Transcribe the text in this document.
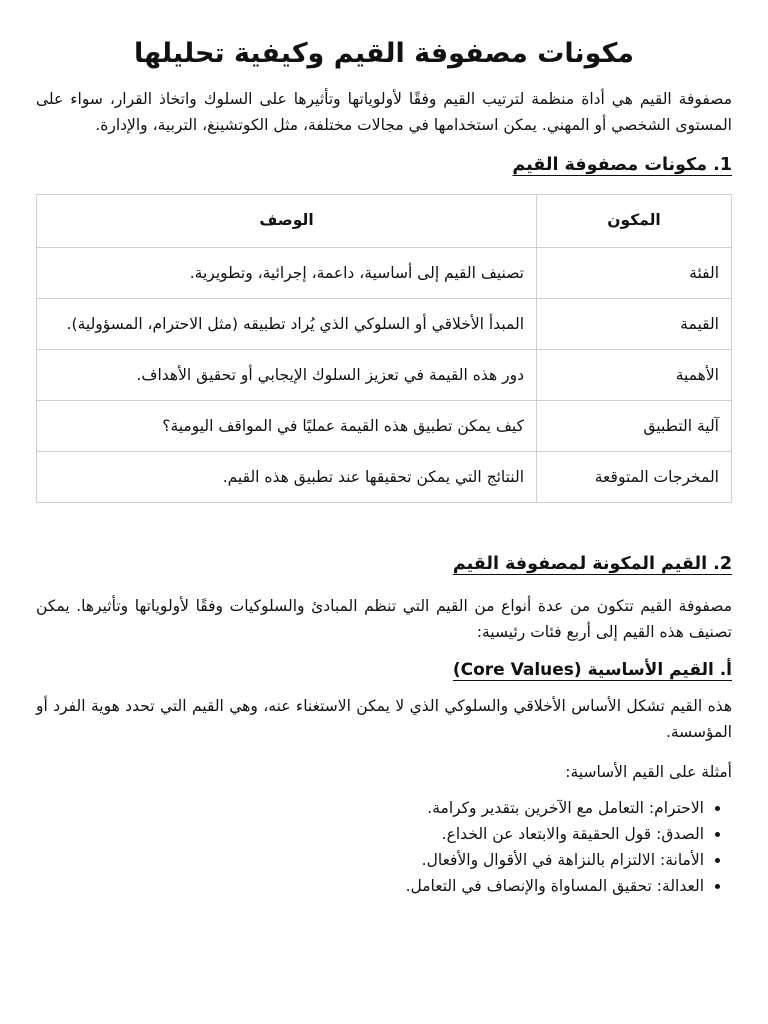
مكونات مصفوفة القيم وكيفية تحليلها

مصفوفة القيم هي أداة منظمة لترتيب القيم وفقًا لأولوياتها وتأثيرها على السلوك واتخاذ القرار، سواء على المستوى الشخصي أو المهني. يمكن استخدامها في مجالات مختلفة، مثل الكوتشينغ، التربية، والإدارة.

1. مكونات مصفوفة القيم
المكون	الوصف
الفئة	تصنيف القيم إلى أساسية، داعمة، إجرائية، وتطويرية.
القيمة	المبدأ الأخلاقي أو السلوكي الذي يُراد تطبيقه (مثل الاحترام، المسؤولية).
الأهمية	دور هذه القيمة في تعزيز السلوك الإيجابي أو تحقيق الأهداف.
آلية التطبيق	كيف يمكن تطبيق هذه القيمة عمليًا في المواقف اليومية؟
المخرجات المتوقعة	النتائج التي يمكن تحقيقها عند تطبيق هذه القيم.
2. القيم المكونة لمصفوفة القيم

مصفوفة القيم تتكون من عدة أنواع من القيم التي تنظم المبادئ والسلوكيات وفقًا لأولوياتها وتأثيرها. يمكن تصنيف هذه القيم إلى أربع فئات رئيسية:

أ. القيم الأساسية (Core Values)

هذه القيم تشكل الأساس الأخلاقي والسلوكي الذي لا يمكن الاستغناء عنه، وهي القيم التي تحدد هوية الفرد أو المؤسسة.

أمثلة على القيم الأساسية:
• الاحترام: التعامل مع الآخرين بتقدير وكرامة.
• الصدق: قول الحقيقة والابتعاد عن الخداع.
• الأمانة: الالتزام بالنزاهة في الأقوال والأفعال.
• العدالة: تحقيق المساواة والإنصاف في التعامل.
